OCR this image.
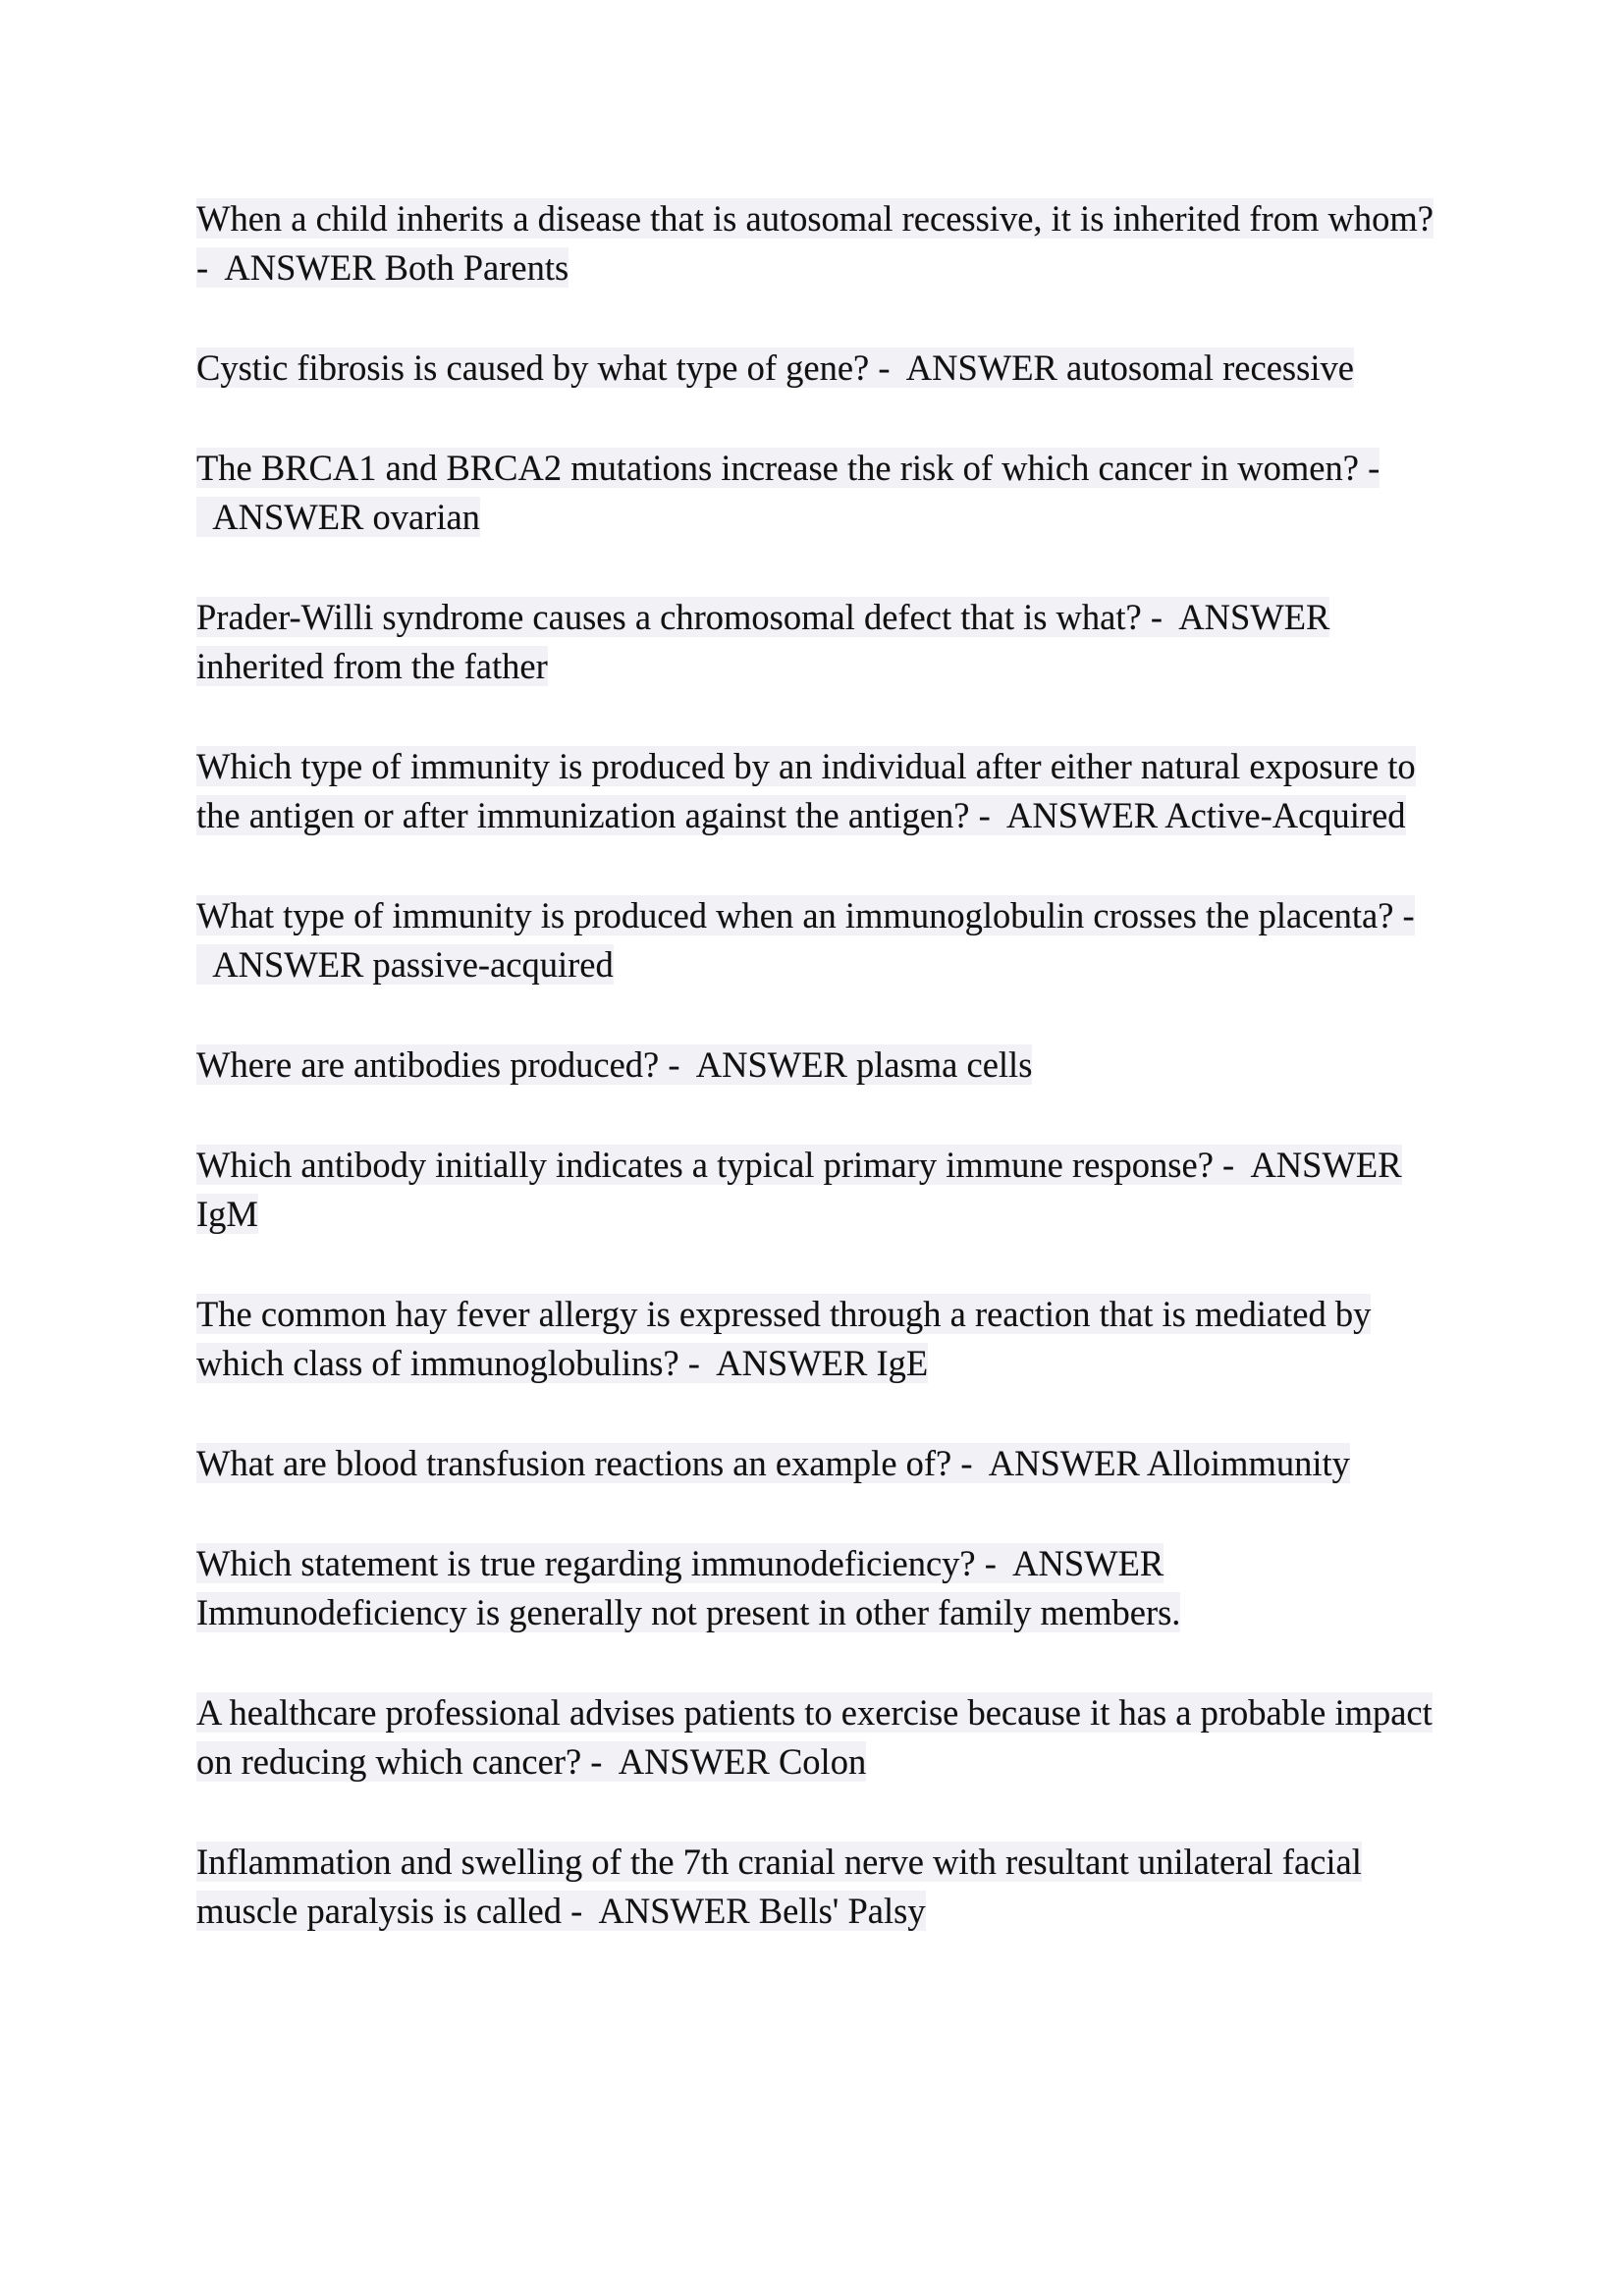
When a child inherits a disease that is autosomal recessive, it is inherited from whom? - ANSWER Both Parents
Cystic fibrosis is caused by what type of gene? - ANSWER autosomal recessive
The BRCA1 and BRCA2 mutations increase the risk of which cancer in women? -  ANSWER ovarian
Prader-Willi syndrome causes a chromosomal defect that is what? - ANSWER inherited from the father
Which type of immunity is produced by an individual after either natural exposure to the antigen or after immunization against the antigen? - ANSWER Active-Acquired
What type of immunity is produced when an immunoglobulin crosses the placenta? -  ANSWER passive-acquired
Where are antibodies produced? - ANSWER plasma cells
Which antibody initially indicates a typical primary immune response? - ANSWER IgM
The common hay fever allergy is expressed through a reaction that is mediated by which class of immunoglobulins? - ANSWER IgE
What are blood transfusion reactions an example of? - ANSWER Alloimmunity
Which statement is true regarding immunodeficiency? - ANSWER Immunodeficiency is generally not present in other family members.
A healthcare professional advises patients to exercise because it has a probable impact on reducing which cancer? - ANSWER Colon
Inflammation and swelling of the 7th cranial nerve with resultant unilateral facial muscle paralysis is called - ANSWER Bells' Palsy
